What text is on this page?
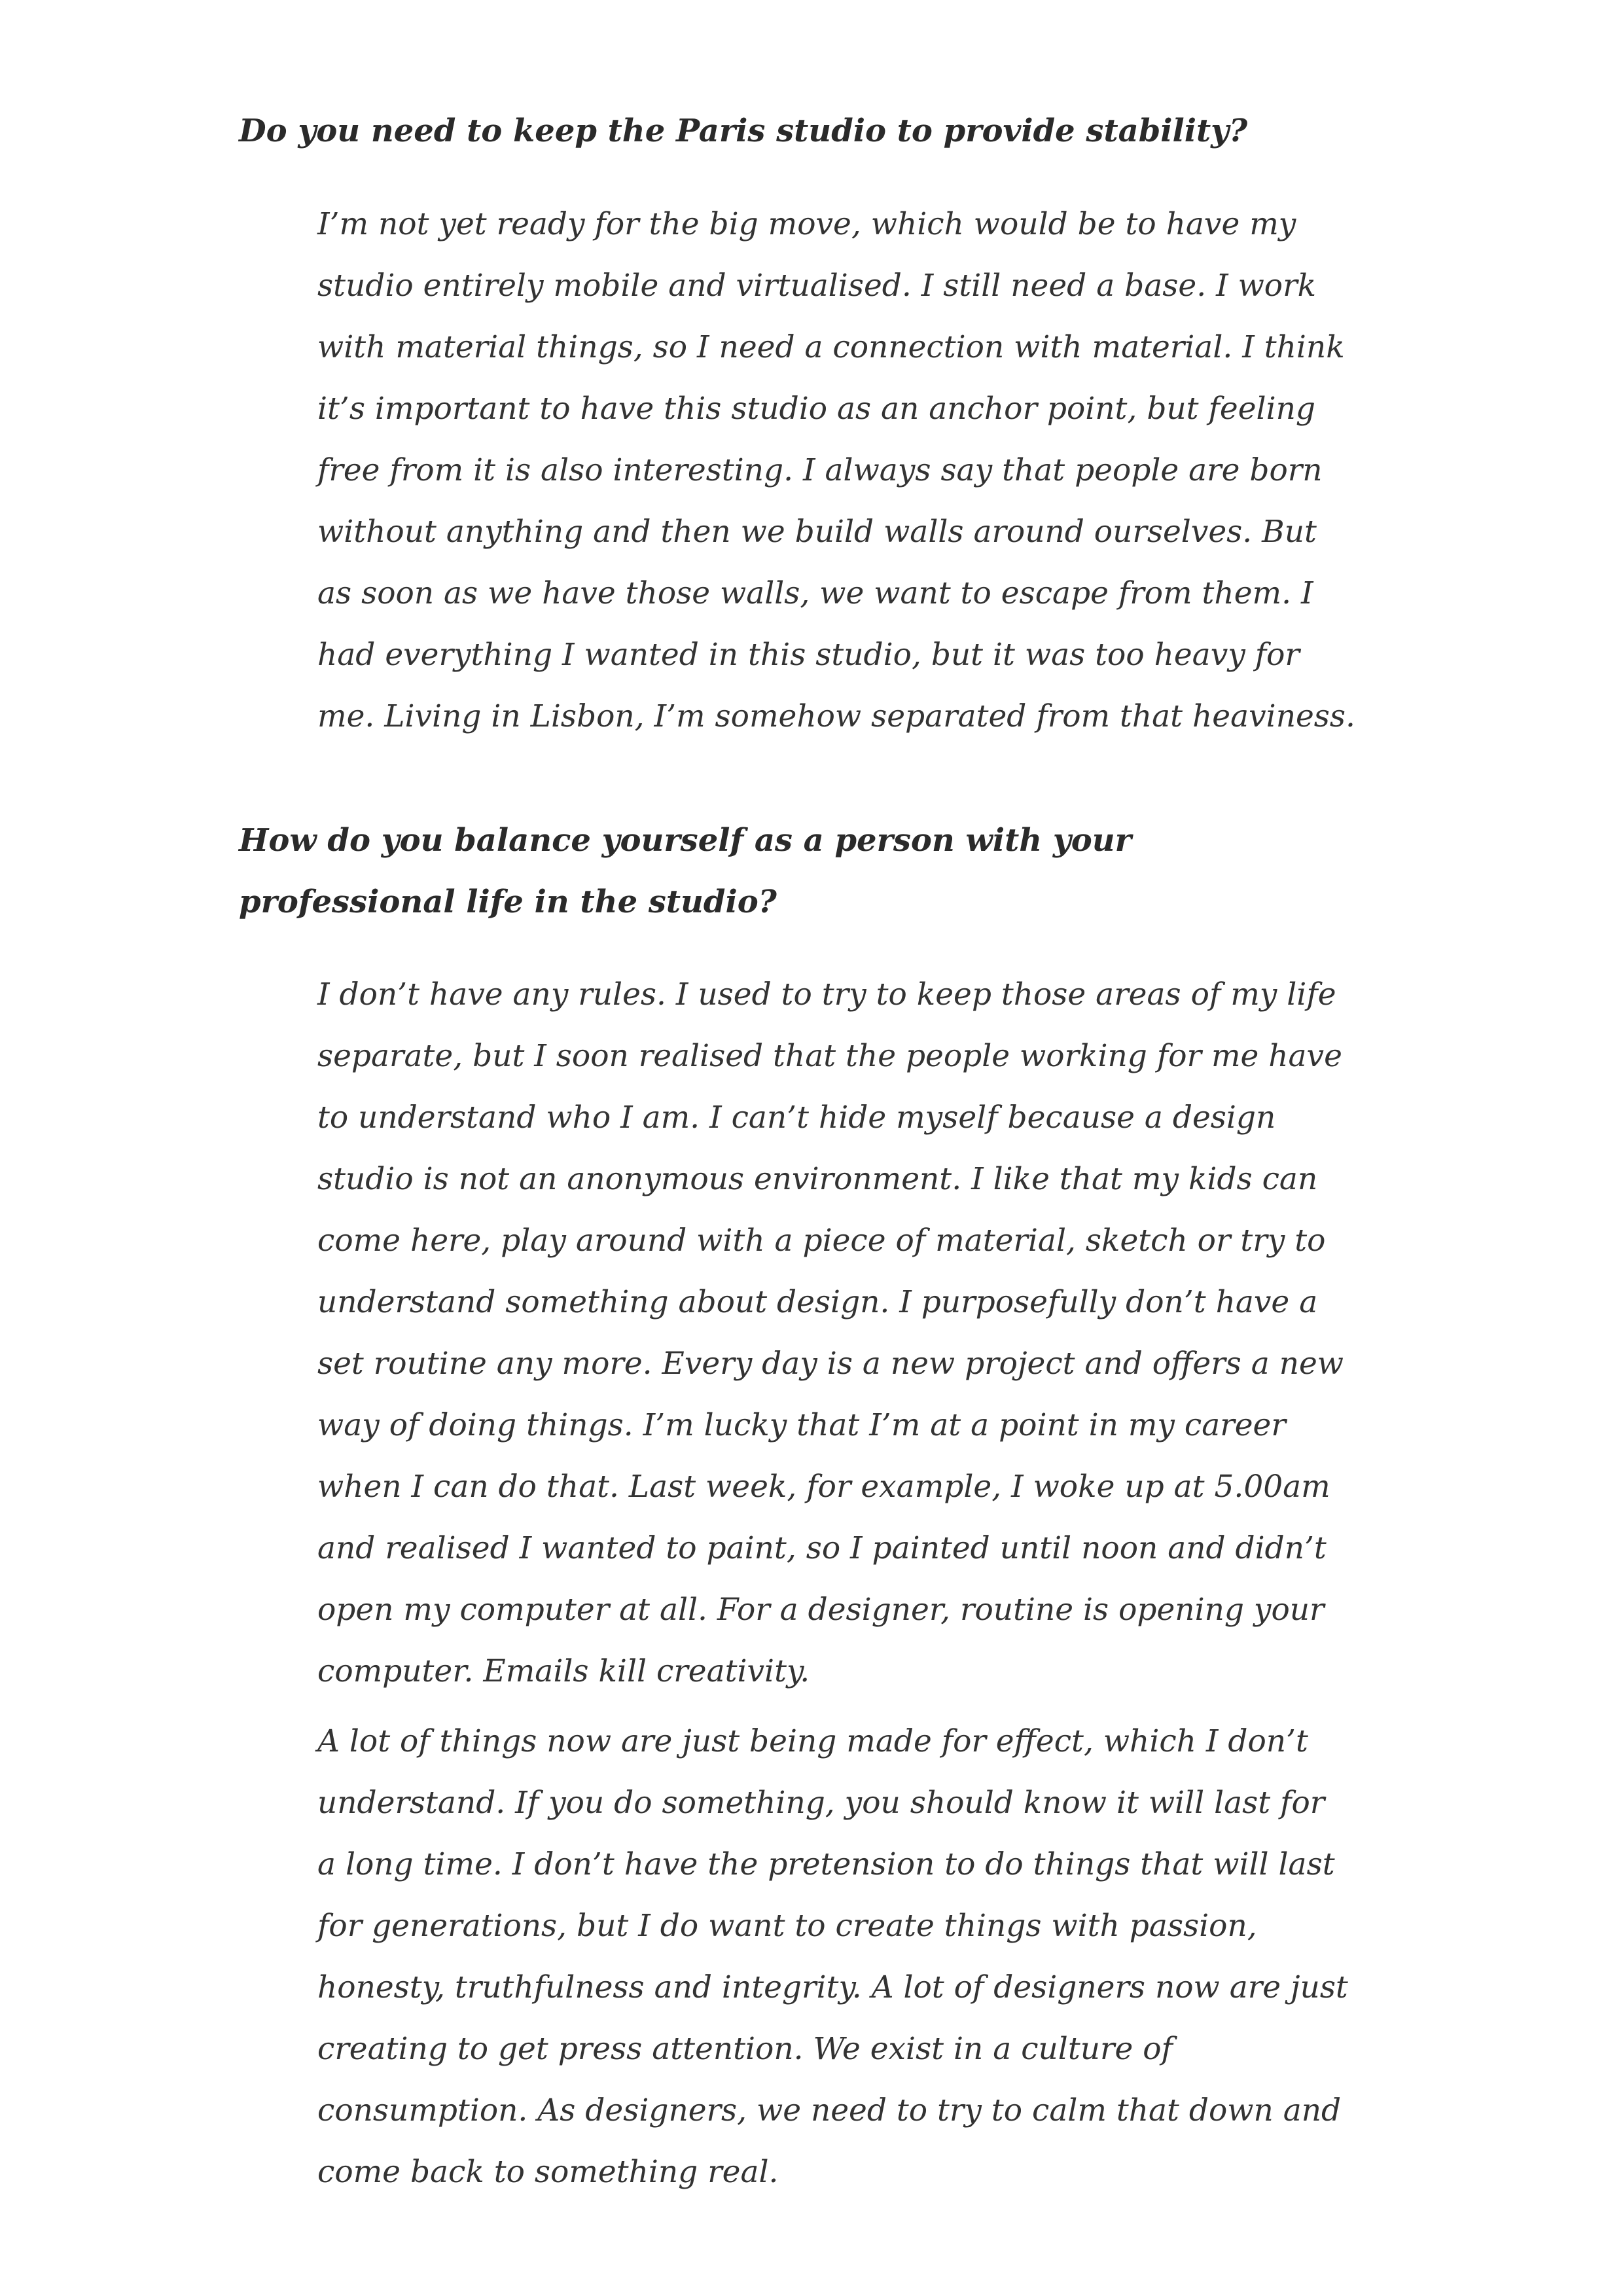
Do you need to keep the Paris studio to provide stability?
I’m not yet ready for the big move, which would be to have my
studio entirely mobile and virtualised. I still need a base. I work
with material things, so I need a connection with material. I think
it’s important to have this studio as an anchor point, but feeling
free from it is also interesting. I always say that people are born
without anything and then we build walls around ourselves. But
as soon as we have those walls, we want to escape from them. I
had everything I wanted in this studio, but it was too heavy for
me. Living in Lisbon, I’m somehow separated from that heaviness.
How do you balance yourself as a person with your
professional life in the studio?
I don’t have any rules. I used to try to keep those areas of my life
separate, but I soon realised that the people working for me have
to understand who I am. I can’t hide myself because a design
studio is not an anonymous environment. I like that my kids can
come here, play around with a piece of material, sketch or try to
understand something about design. I purposefully don’t have a
set routine any more. Every day is a new project and offers a new
way of doing things. I’m lucky that I’m at a point in my career
when I can do that. Last week, for example, I woke up at 5.00am
and realised I wanted to paint, so I painted until noon and didn’t
open my computer at all. For a designer, routine is opening your
computer. Emails kill creativity.
A lot of things now are just being made for effect, which I don’t
understand. If you do something, you should know it will last for
a long time. I don’t have the pretension to do things that will last
for generations, but I do want to create things with passion,
honesty, truthfulness and integrity. A lot of designers now are just
creating to get press attention. We exist in a culture of
consumption. As designers, we need to try to calm that down and
come back to something real.
